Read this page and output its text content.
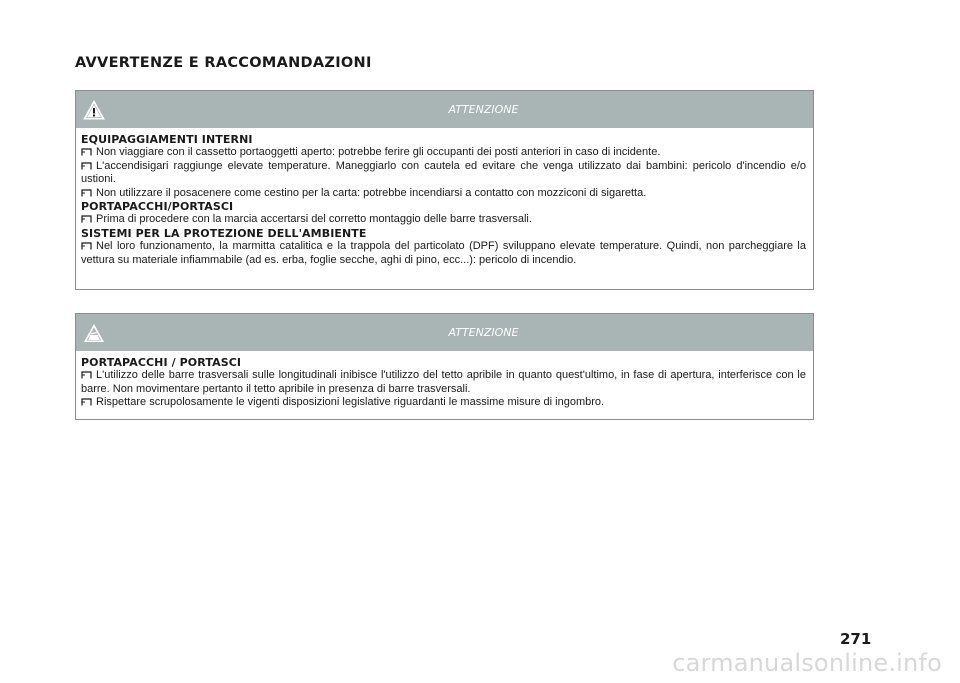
AVVERTENZE E RACCOMANDAZIONI
ATTENZIONE
EQUIPAGGIAMENTI INTERNI
Non viaggiare con il cassetto portaoggetti aperto: potrebbe ferire gli occupanti dei posti anteriori in caso di incidente.
L'accendisigari raggiunge elevate temperature. Maneggiarlo con cautela ed evitare che venga utilizzato dai bambini: pericolo d'incendio e/o ustioni.
Non utilizzare il posacenere come cestino per la carta: potrebbe incendiarsi a contatto con mozziconi di sigaretta.
PORTAPACCHI/PORTASCI
Prima di procedere con la marcia accertarsi del corretto montaggio delle barre trasversali.
SISTEMI PER LA PROTEZIONE DELL'AMBIENTE
Nel loro funzionamento, la marmitta catalitica e la trappola del particolato (DPF) sviluppano elevate temperature. Quindi, non parcheggiare la vettura su materiale infiammabile (ad es. erba, foglie secche, aghi di pino, ecc...): pericolo di incendio.
ATTENZIONE
PORTAPACCHI / PORTASCI
L'utilizzo delle barre trasversali sulle longitudinali inibisce l'utilizzo del tetto apribile in quanto quest'ultimo, in fase di apertura, interferisce con le barre. Non movimentare pertanto il tetto apribile in presenza di barre trasversali.
Rispettare scrupolosamente le vigenti disposizioni legislative riguardanti le massime misure di ingombro.
271
carmanualsonline.info
